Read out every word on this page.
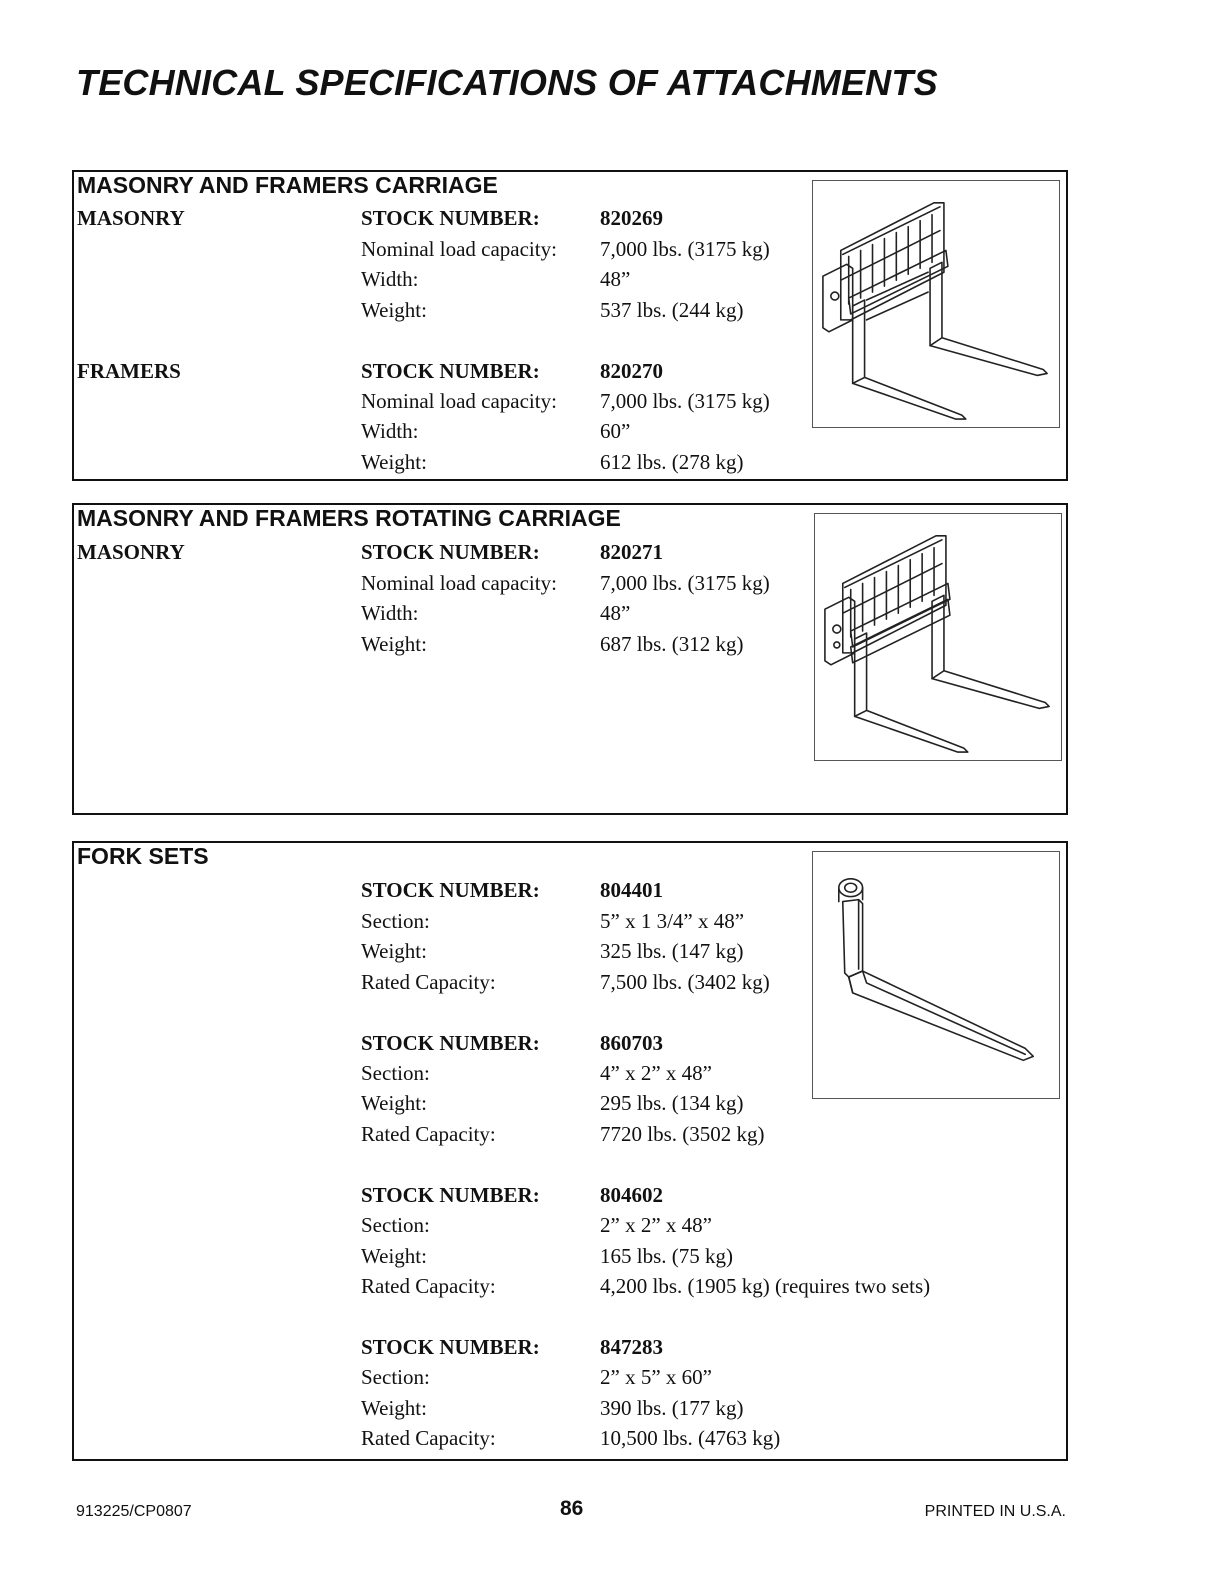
TECHNICAL SPECIFICATIONS OF ATTACHMENTS
MASONRY AND FRAMERS CARRIAGE
MASONRY	STOCK NUMBER:	820269
Nominal load capacity: 7,000 lbs. (3175 kg)
Width:	48”
Weight:	537 lbs. (244 kg)
FRAMERS	STOCK NUMBER:	820270
Nominal load capacity: 7,000 lbs. (3175 kg)
Width:	60”
Weight:	612 lbs. (278 kg)
MASONRY AND FRAMERS ROTATING CARRIAGE
MASONRY	STOCK NUMBER:	820271
Nominal load capacity: 7,000 lbs. (3175 kg)
Width:	48”
Weight:	687 lbs. (312 kg)
FORK SETS
STOCK NUMBER:	804401
Section:	5” x 1 3/4” x 48”
Weight:	325 lbs. (147 kg)
Rated Capacity:	7,500 lbs. (3402 kg)
STOCK NUMBER:	860703
Section:	4” x 2” x 48”
Weight:	295 lbs. (134 kg)
Rated Capacity:	7720 lbs. (3502 kg)
STOCK NUMBER:	804602
Section:	2” x 2” x 48”
Weight:	165 lbs. (75 kg)
Rated Capacity:	4,200 lbs. (1905 kg) (requires two sets)
STOCK NUMBER:	847283
Section:	2” x 5” x 60”
Weight:	390 lbs. (177 kg)
Rated Capacity:	10,500 lbs. (4763 kg)
913225/CP0807	86	PRINTED IN U.S.A.
